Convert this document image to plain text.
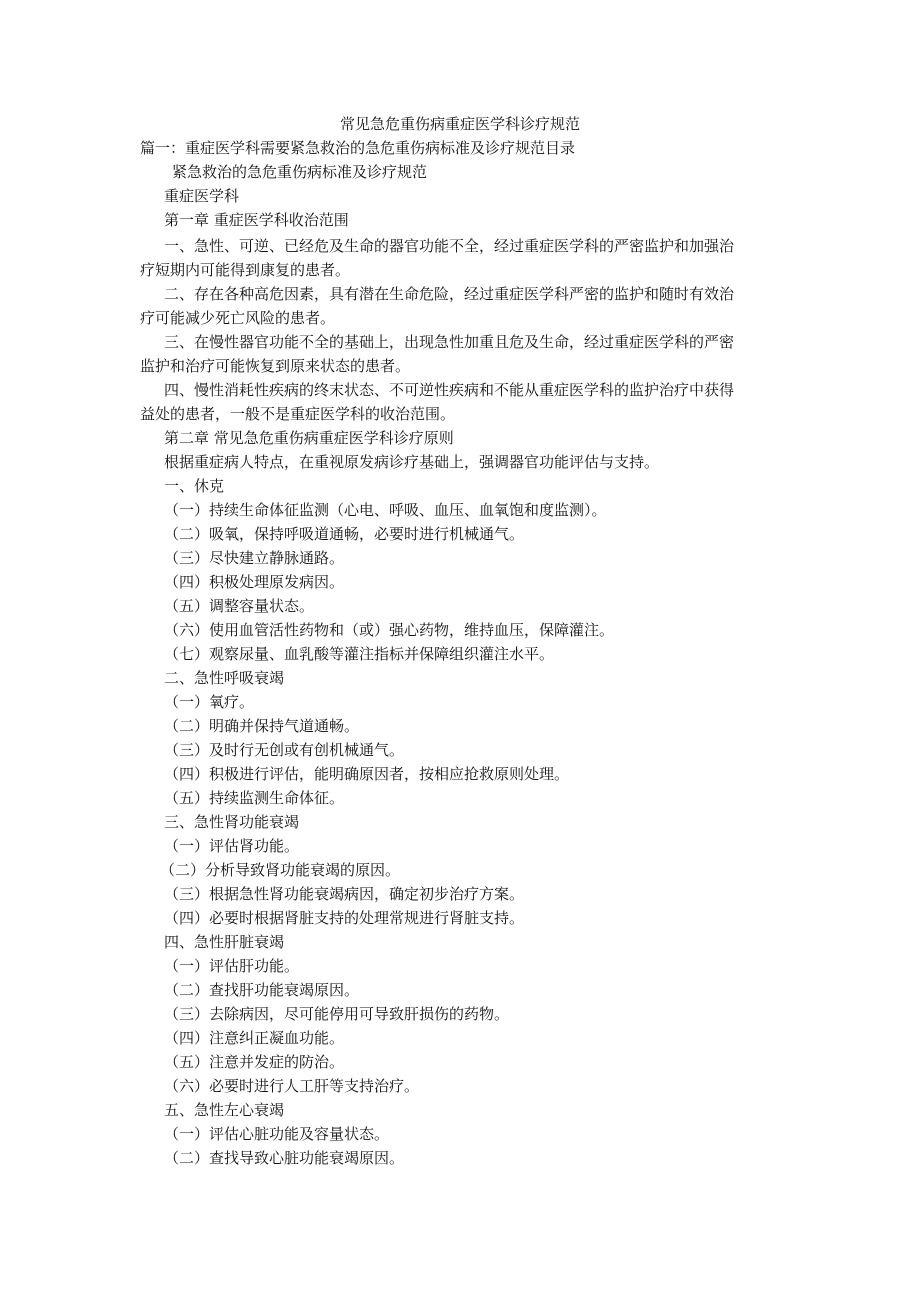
常见急危重伤病重症医学科诊疗规范
篇一：重症医学科需要紧急救治的急危重伤病标准及诊疗规范目录
紧急救治的急危重伤病标准及诊疗规范
重症医学科
第一章 重症医学科收治范围
一、急性、可逆、已经危及生命的器官功能不全，经过重症医学科的严密监护和加强治
疗短期内可能得到康复的患者。
二、存在各种高危因素，具有潜在生命危险，经过重症医学科严密的监护和随时有效治
疗可能减少死亡风险的患者。
三、在慢性器官功能不全的基础上，出现急性加重且危及生命，经过重症医学科的严密
监护和治疗可能恢复到原来状态的患者。
四、慢性消耗性疾病的终末状态、不可逆性疾病和不能从重症医学科的监护治疗中获得
益处的患者，一般不是重症医学科的收治范围。
第二章 常见急危重伤病重症医学科诊疗原则
根据重症病人特点，在重视原发病诊疗基础上，强调器官功能评估与支持。
一、休克
（一）持续生命体征监测（心电、呼吸、血压、血氧饱和度监测）。
（二）吸氧，保持呼吸道通畅，必要时进行机械通气。
（三）尽快建立静脉通路。
（四）积极处理原发病因。
（五）调整容量状态。
（六）使用血管活性药物和（或）强心药物，维持血压，保障灌注。
（七）观察尿量、血乳酸等灌注指标并保障组织灌注水平。
二、急性呼吸衰竭
（一）氧疗。
（二）明确并保持气道通畅。
（三）及时行无创或有创机械通气。
（四）积极进行评估，能明确原因者，按相应抢救原则处理。
（五）持续监测生命体征。
三、急性肾功能衰竭
（一）评估肾功能。
（二）分析导致肾功能衰竭的原因。
（三）根据急性肾功能衰竭病因，确定初步治疗方案。
（四）必要时根据肾脏支持的处理常规进行肾脏支持。
四、急性肝脏衰竭
（一）评估肝功能。
（二）查找肝功能衰竭原因。
（三）去除病因，尽可能停用可导致肝损伤的药物。
（四）注意纠正凝血功能。
（五）注意并发症的防治。
（六）必要时进行人工肝等支持治疗。
五、急性左心衰竭
（一）评估心脏功能及容量状态。
（二）查找导致心脏功能衰竭原因。
